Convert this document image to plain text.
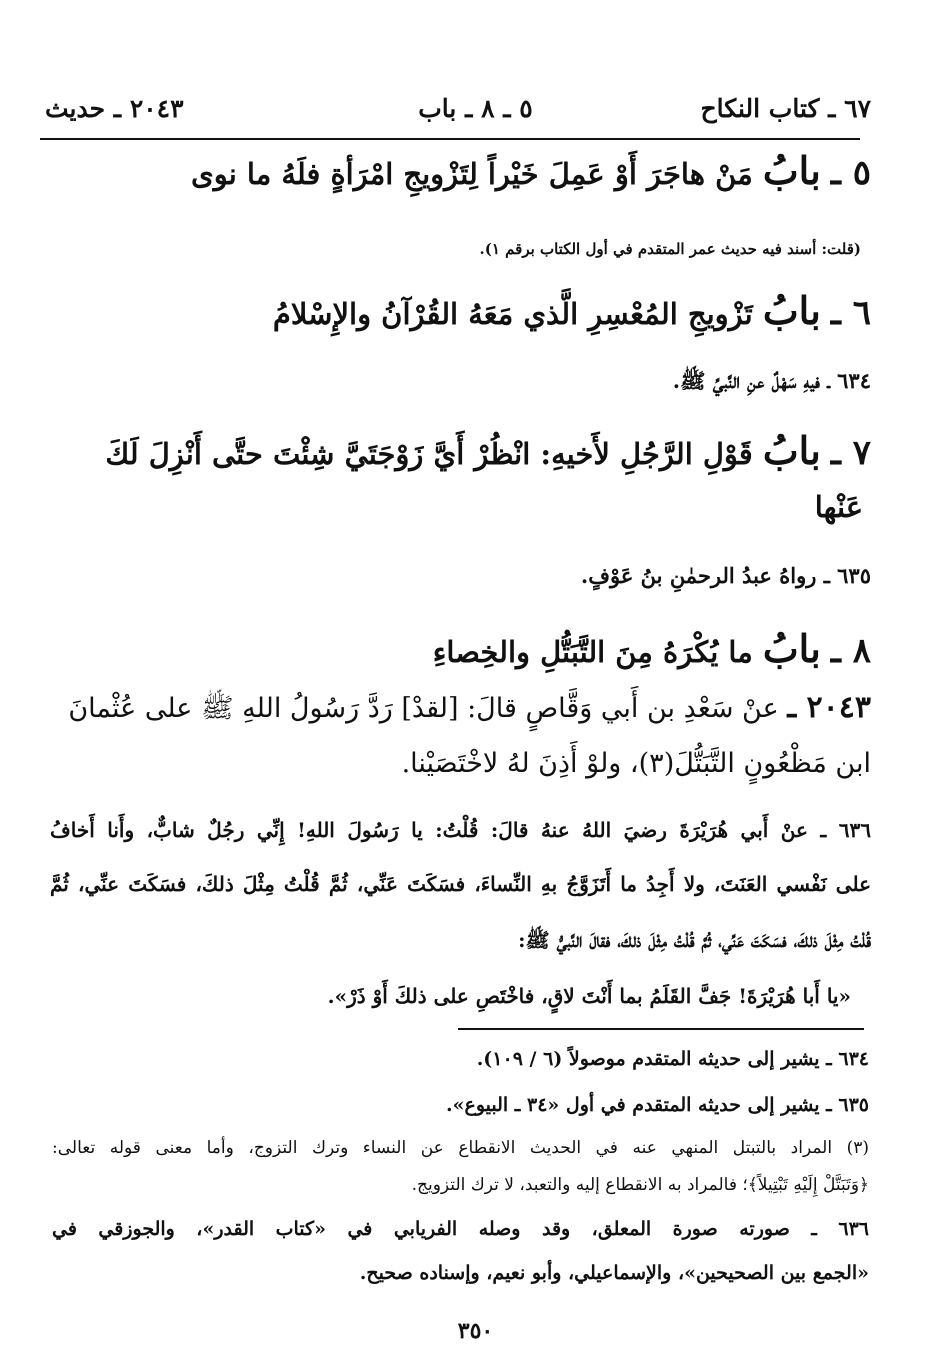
٦٧ ـ كتاب النكاح
٥ ـ ٨ ـ باب
٢٠٤٣ ـ حديث
٥ ـ بابُ مَنْ هاجَرَ أَوْ عَمِلَ خَيْراً لِتَزْويجِ امْرَأةٍ فلَهُ ما نوى
(قلت: أسند فيه حديث عمر المتقدم في أول الكتاب برقم ١).
٦ ـ بابُ تَزْويجِ المُعْسِرِ الَّذي مَعَهُ القُرْآنُ والإِسْلامُ
٦٣٤ ـ فيهِ سَهْلٌ عنِ النَّبيِّ ﷺ.
٧ ـ بابُ قَوْلِ الرَّجُلِ لأَخيهِ: انْظُرْ أَيَّ زَوْجَتَيَّ شِئْتَ حتَّى أَنْزِلَ لَكَ
عَنْها
٦٣٥ ـ رواهُ عبدُ الرحمٰنِ بنُ عَوْفٍ.
٨ ـ بابُ ما يُكْرَهُ مِنَ التَّبَتُّلِ والخِصاءِ
٢٠٤٣ ـ عنْ سَعْدِ بن أَبي وَقَّاصٍ قالَ: [لقدْ] رَدَّ رَسُولُ اللهِ ﷺ على عُثْمانَ
ابن مَظْعُونٍ التَّبَتُّلَ(٣)، ولوْ أَذِنَ لهُ لاخْتَصَيْنا.
٦٣٦ ـ عنْ أَبي هُرَيْرَةَ رضيَ اللهُ عنهُ قالَ: قُلْتُ: يا رَسُولَ اللهِ! إِنِّي رجُلٌ شابٌّ، وأَنا أَخافُ
على نَفْسي العَنَتَ، ولا أَجِدُ ما أَتَزَوَّجُ بهِ النِّساءَ، فسَكَتَ عَنِّي، ثُمَّ قُلْتُ مِثْلَ ذلكَ، فسَكَتَ عنِّي، ثُمَّ
قُلْتُ مِثْلَ ذلكَ، فسَكَتَ عَنِّي، ثُمَّ قُلْتُ مِثْلَ ذلكَ، فقالَ النَّبيُّ ﷺ:
«يا أَبا هُرَيْرَةَ! جَفَّ القَلَمُ بما أَنْتَ لاقٍ، فاخْتَصِ على ذلكَ أَوْ ذَرْ».
٦٣٤ ـ يشير إلى حديثه المتقدم موصولاً (٦ / ١٠٩).
٦٣٥ ـ يشير إلى حديثه المتقدم في أول «٣٤ ـ البيوع».
(٣) المراد بالتبتل المنهي عنه في الحديث الانقطاع عن النساء وترك التزوج، وأما معنى قوله تعالى:
﴿وَتَبَتَّلْ إِلَيْهِ تَبْتِيلاً﴾؛ فالمراد به الانقطاع إليه والتعبد، لا ترك التزويج.
٦٣٦ ـ صورته صورة المعلق، وقد وصله الفريابي في «كتاب القدر»، والجوزقي في
«الجمع بين الصحيحين»، والإسماعيلي، وأبو نعيم، وإسناده صحيح.
٣٥٠
